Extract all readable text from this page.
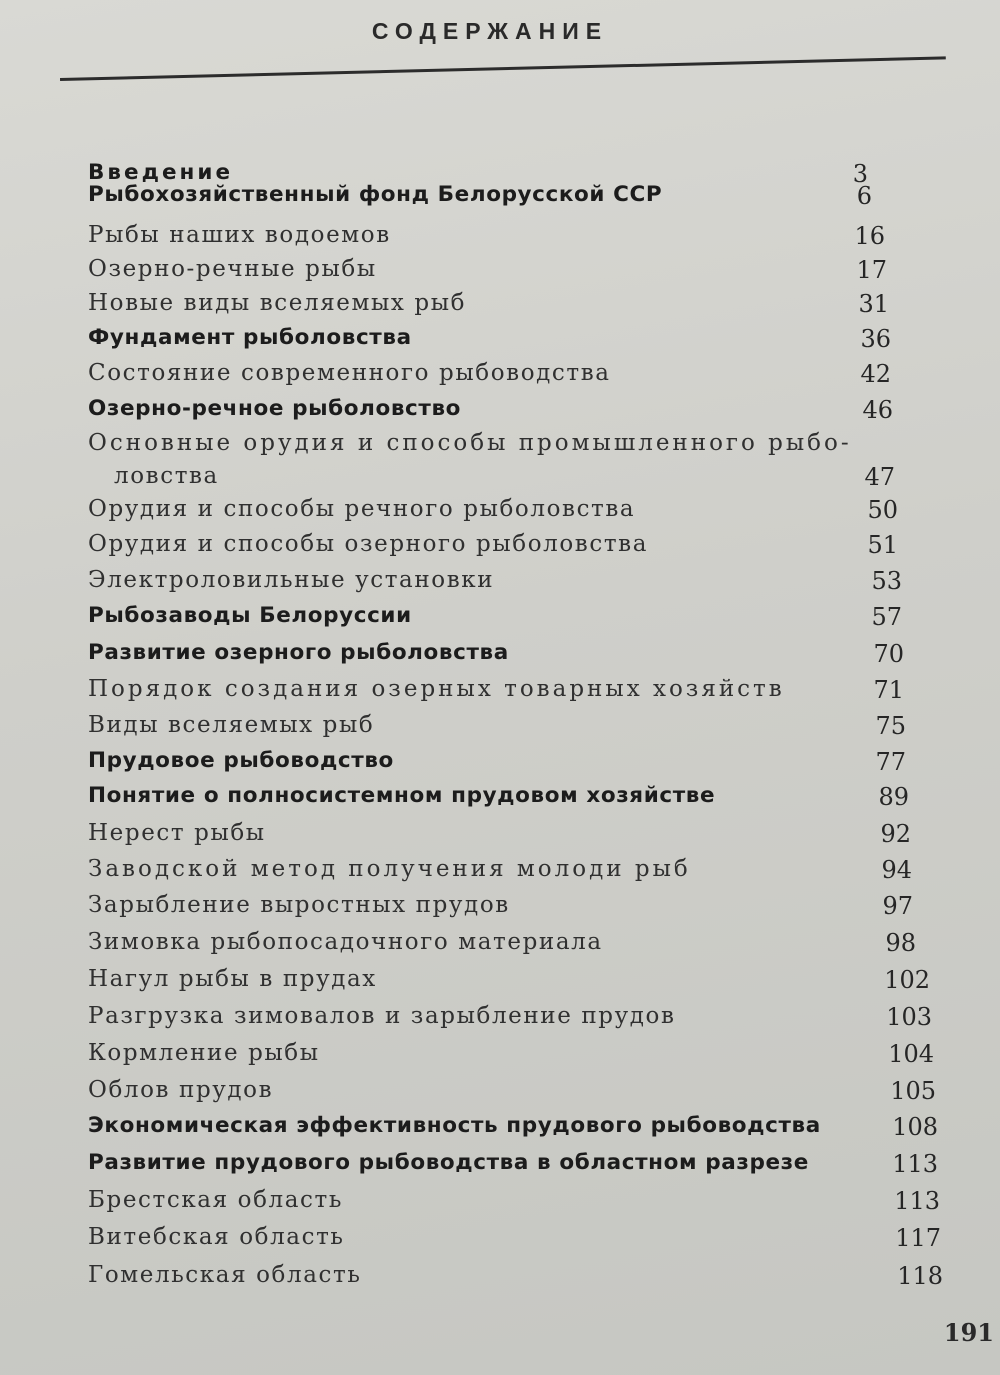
СОДЕРЖАНИЕ
Введение	3
Рыбохозяйственный фонд Белорусской ССР	6
Рыбы наших водоемов	16
Озерно-речные рыбы	17
Новые виды вселяемых рыб	31
Фундамент рыболовства	36
Состояние современного рыбоводства	42
Озерно-речное рыболовство	46
Основные орудия и способы промышленного рыбо-
ловства	47
Орудия и способы речного рыболовства	50
Орудия и способы озерного рыболовства	51
Электроловильные установки	53
Рыбозаводы Белоруссии	57
Развитие озерного рыболовства	70
Порядок создания озерных товарных хозяйств	71
Виды вселяемых рыб	75
Прудовое рыбоводство	77
Понятие о полносистемном прудовом хозяйстве	89
Нерест рыбы	92
Заводской метод получения молоди рыб	94
Зарыбление выростных прудов	97
Зимовка рыбопосадочного материала	98
Нагул рыбы в прудах	102
Разгрузка зимовалов и зарыбление прудов	103
Кормление рыбы	104
Облов прудов	105
Экономическая эффективность прудового рыбоводства	108
Развитие прудового рыбоводства в областном разрезе	113
Брестская область	113
Витебская область	117
Гомельская область	118
191
